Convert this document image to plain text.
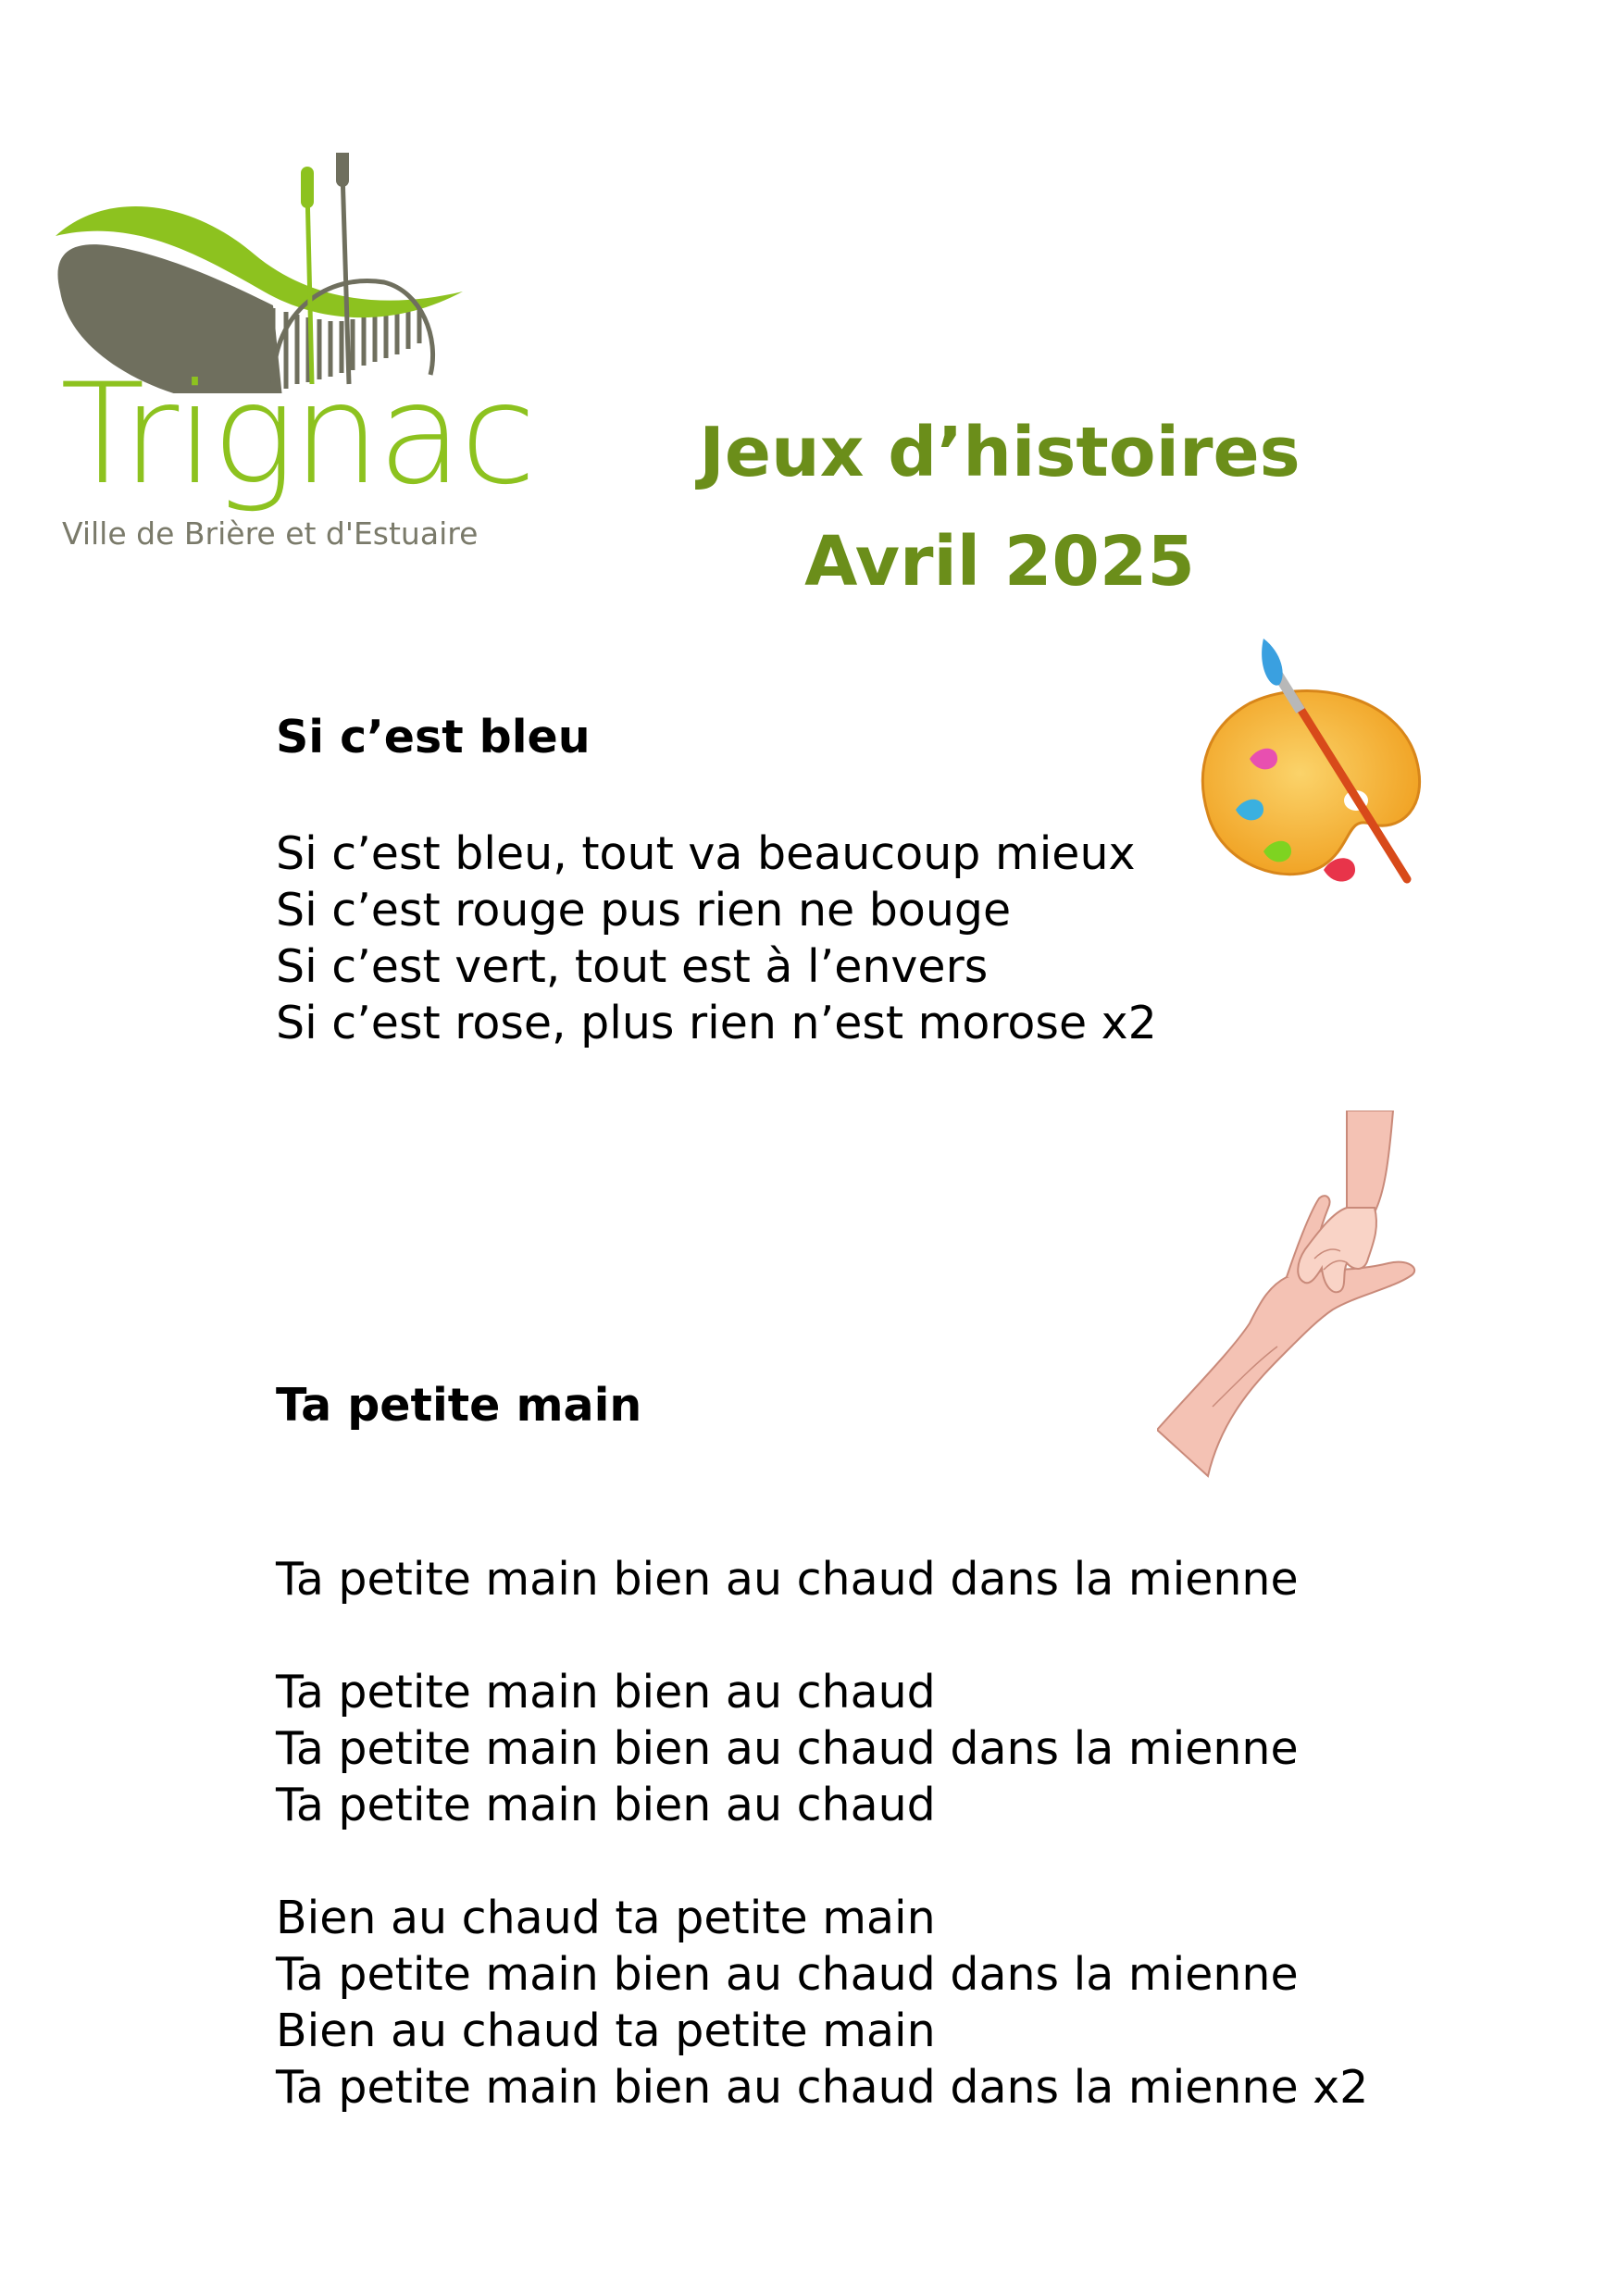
Trignac
Ville de Brière et d'Estuaire
Jeux d’histoires
Avril 2025
Si c’est bleu
Si c’est bleu, tout va beaucoup mieux
Si c’est rouge pus rien ne bouge
Si c’est vert, tout est à l’envers
Si c’est rose, plus rien n’est morose x2
Ta petite main
Ta petite main bien au chaud dans la mienne
Ta petite main bien au chaud
Ta petite main bien au chaud dans la mienne
Ta petite main bien au chaud
Bien au chaud ta petite main
Ta petite main bien au chaud dans la mienne
Bien au chaud ta petite main
Ta petite main bien au chaud dans la mienne x2
